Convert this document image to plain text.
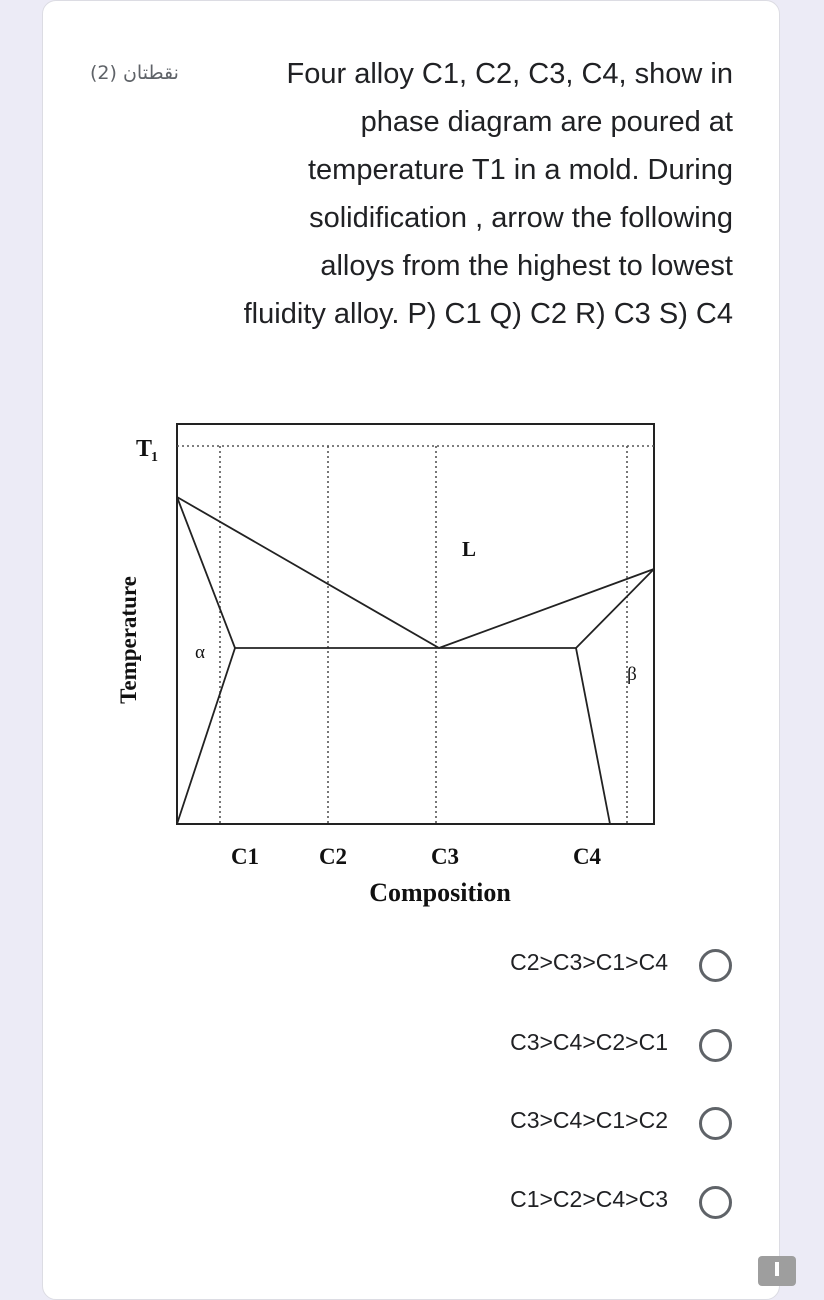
نقطتان (2)	Four alloy C1, C2, C3, C4, show in
phase diagram are poured at
temperature T1 in a mold. During
solidification , arrow the following
alloys from the highest to lowest
fluidity alloy. P) C1 Q) C2 R) C3 S) C4
T
1
Temperature
L
α
β
C1	C2	C3	C4
Composition
C2>C3>C1>C4
C3>C4>C2>C1
C3>C4>C1>C2
C1>C2>C4>C3
